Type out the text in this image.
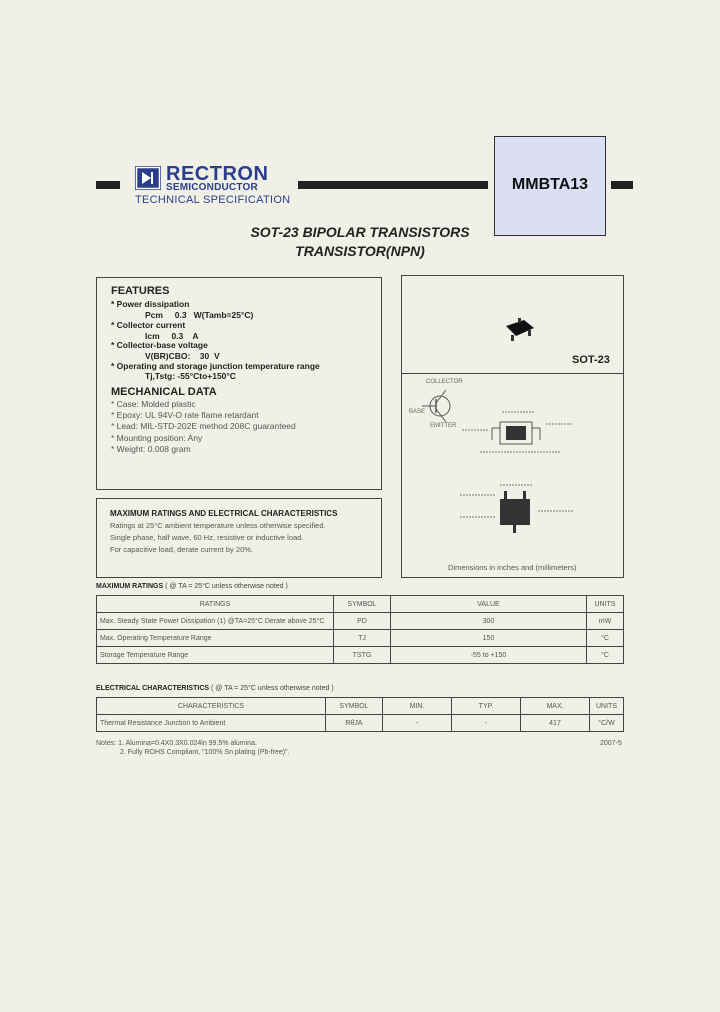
RECTRON
SEMICONDUCTOR
TECHNICAL SPECIFICATION
MMBTA13
SOT-23 BIPOLAR TRANSISTORS
TRANSISTOR(NPN)
FEATURES
* Power dissipation
Pcm     0.3   W(Tamb=25°C)
* Collector current
Icm     0.3    A
* Collector-base voltage
V(BR)CBO:    30  V
* Operating and storage junction temperature range
Tj,Tstg: -55°Cto+150°C
MECHANICAL DATA
* Case: Molded plastic
* Epoxy: UL 94V-O rate flame retardant
* Lead: MIL-STD-202E method 208C guaranteed
* Mounting position: Any
* Weight: 0.008 gram
SOT-23
COLLECTOR
BASE
EMITTER
Dimensions in inches and (millimeters)
MAXIMUM RATINGS AND ELECTRICAL CHARACTERISTICS
Ratings at 25°C ambient temperature unless otherwise specified.
Single phase, half wave, 60 Hz, resistive or inductive load.
For capacitive load, derate current by 20%.
MAXIMUM RATINGS ( @ TA = 25°C unless otherwise noted )
RATINGS	SYMBOL	VALUE	UNITS
Max. Steady State Power Dissipation (1) @TA=25°C Derate above 25°C	PD	300	mW
Max. Operating Temperature Range	TJ	150	°C
Storage Temperature Range	TSTG	-55 to +150	°C
ELECTRICAL CHARACTERISTICS ( @ TA = 25°C unless otherwise noted )
CHARACTERISTICS	SYMBOL	MIN.	TYP.	MAX.	UNITS
Thermal Resistance Junction to Ambient	RθJA	-	-	417	°C/W
Notes: 1. Alumina=0.4X0.3X0.024in 99.5% alumina.
2. Fully ROHS Compliant, "100% Sn plating (Pb-free)".
2007-5
